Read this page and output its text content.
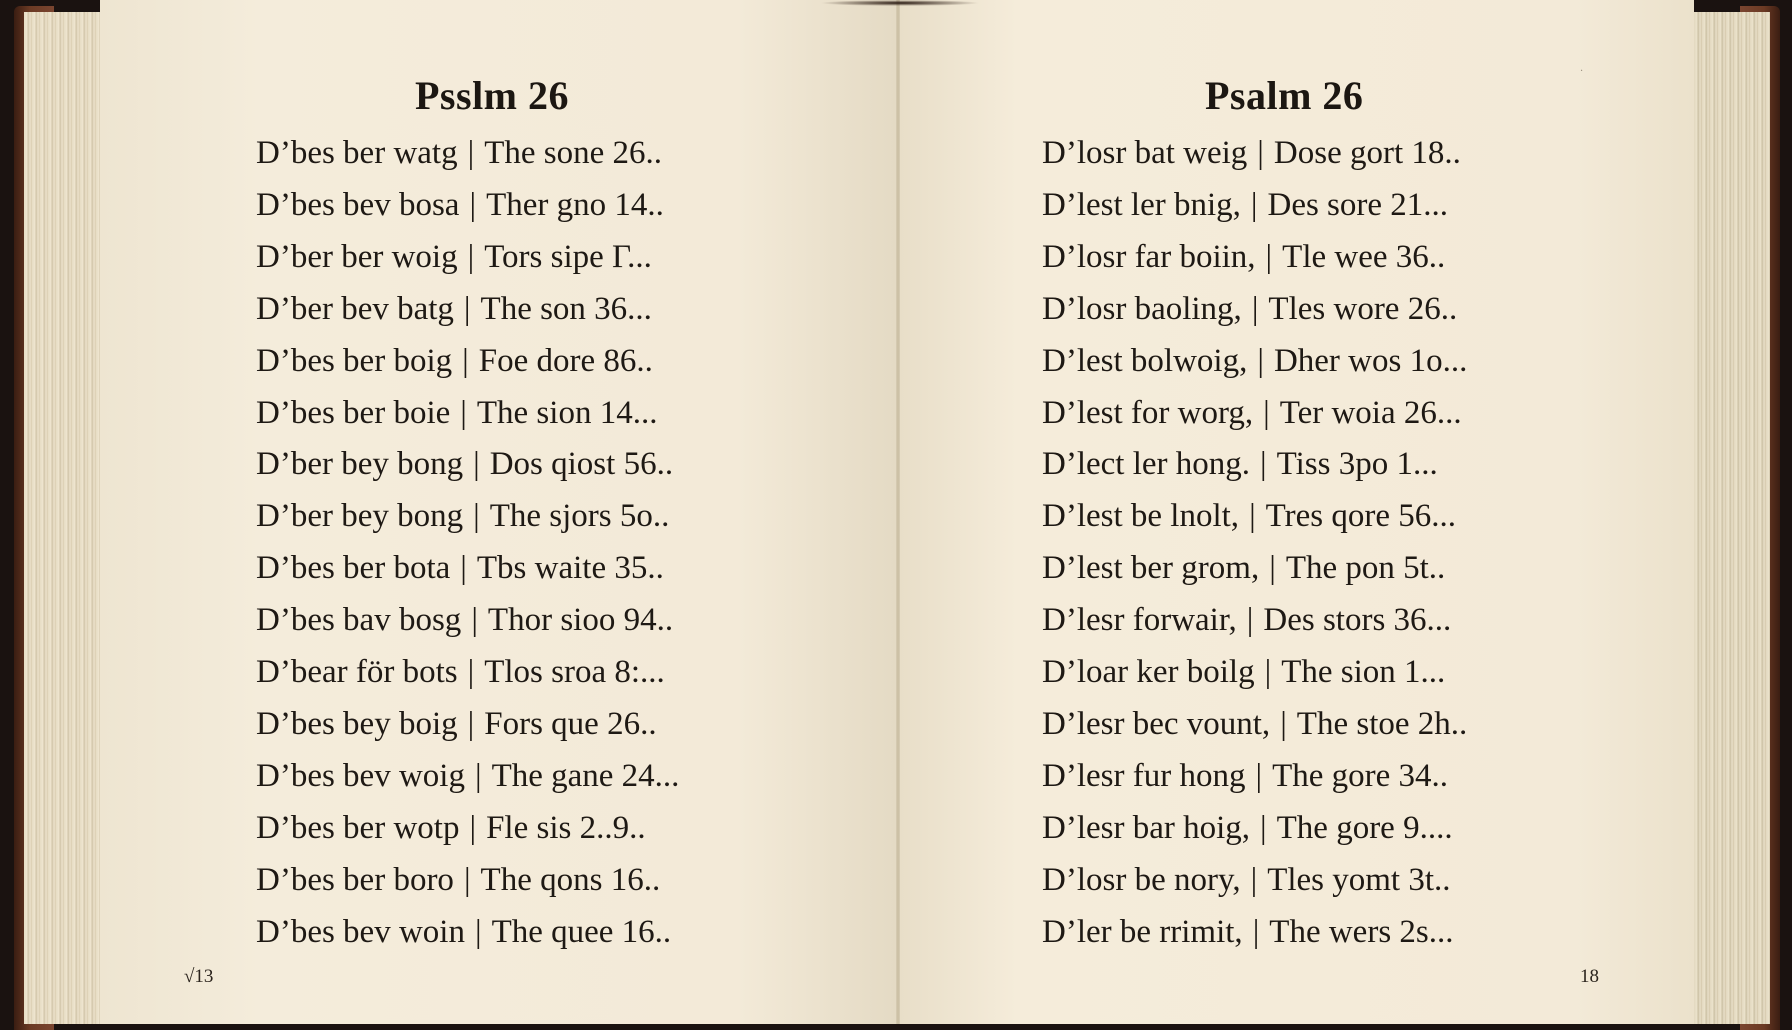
Psslm 26	Psalm 26
D’bes ber watg | The sone 26..
D’bes bev bosa | Ther gno 14..
D’ber ber woig | Tors sipe Γ...
D’ber bev batg | The son 36...
D’bes ber boig | Foe dore 86..
D’bes ber boie | The sion 14...
D’ber bey bong | Dos qiost 56..
D’ber bey bong | The sjors 5o..
D’bes ber bota | Tbs waite 35..
D’bes bav bosg | Thor sioo 94..
D’bear för bots | Tlos sroa 8:...
D’bes bey boig | Fors que 26..
D’bes bev woig | The gane 24...
D’bes ber wotp | Fle sis 2..9..
D’bes ber boro | The qons 16..
D’bes bev woin | The quee 16..
D’losr bat weig | Dose gort 18..
D’lest ler bnig, | Des sore 21...
D’losr far boiin, | Tle wee 36..
D’losr baoling, | Tles wore 26..
D’lest bolwoig, | Dher wos 1o...
D’lest for worg, | Ter woia 26...
D’lect ler hong. | Tiss 3po 1...
D’lest be lnolt, | Tres qore 56...
D’lest ber grom, | The pon 5t..
D’lesr forwair, | Des stors 36...
D’loar ker boilg | The sion 1...
D’lesr bec vount, | The stoe 2h..
D’lesr fur hong | The gore 34..
D’lesr bar hoig, | The gore 9....
D’losr be nory, | Tles yomt 3t..
D’ler be rrimit, | The wers 2s...
√13	18
·
